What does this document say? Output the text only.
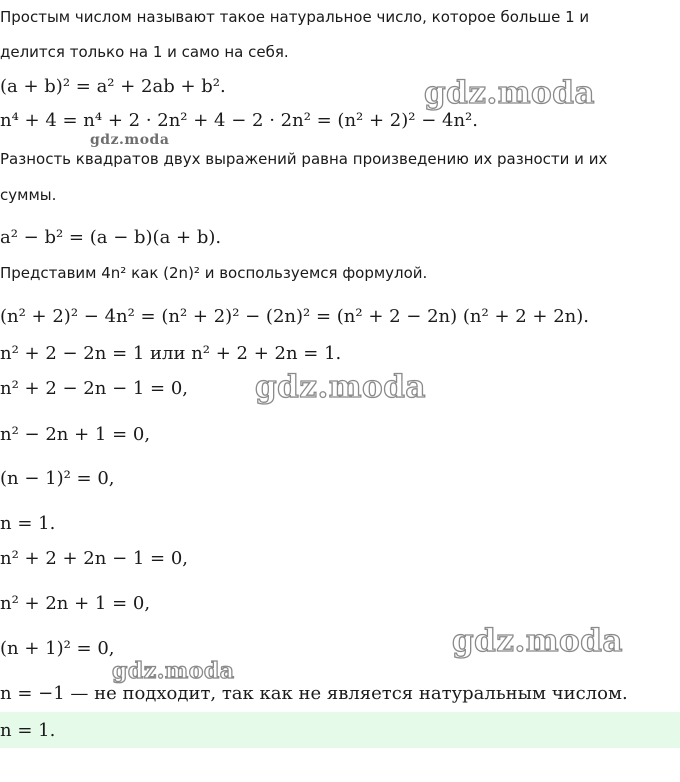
Простым числом называют такое натуральное число, которое больше 1 и
делится только на 1 и само на себя.
(a + b)² = a² + 2ab + b².
n⁴ + 4 = n⁴ + 2 · 2n² + 4 − 2 · 2n² = (n² + 2)² − 4n².
Разность квадратов двух выражений равна произведению их разности и их
суммы.
a² − b² = (a − b)(a + b).
Представим 4n² как (2n)² и воспользуемся формулой.
(n² + 2)² − 4n² = (n² + 2)² − (2n)² = (n² + 2 − 2n) (n² + 2 + 2n).
n² + 2 − 2n = 1 или n² + 2 + 2n = 1.
n² + 2 − 2n − 1 = 0,
n² − 2n + 1 = 0,
(n − 1)² = 0,
n = 1.
n² + 2 + 2n − 1 = 0,
n² + 2n + 1 = 0,
(n + 1)² = 0,
n = −1 — не подходит, так как не является натуральным числом.
n = 1.
gdz.moda
gdz.moda
gdz.moda
gdz.moda
gdz.moda
